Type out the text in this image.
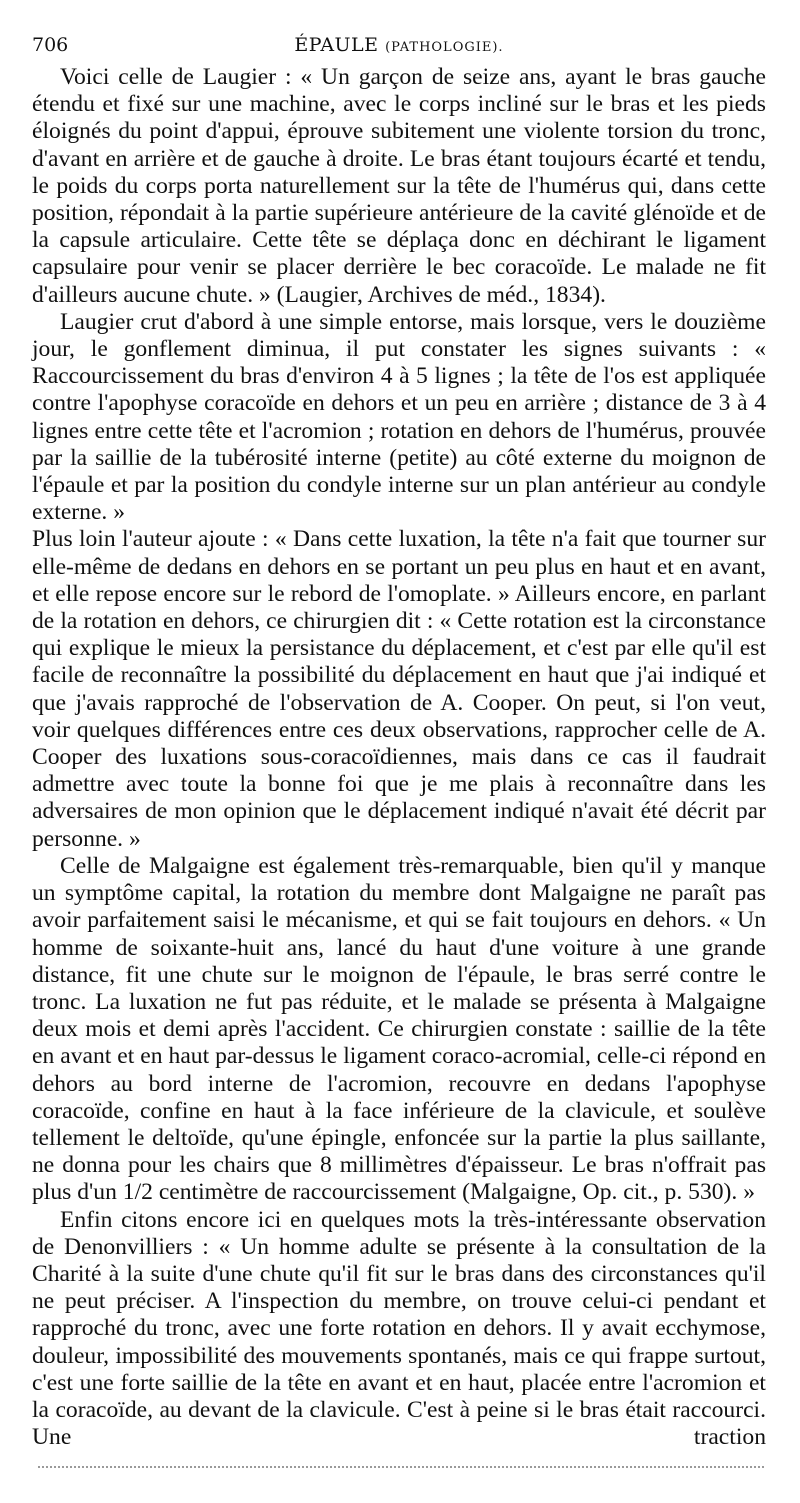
706	ÉPAULE (PATHOLOGIE).

Voici celle de Laugier : « Un garçon de seize ans, ayant le bras gauche étendu et fixé sur une machine, avec le corps incliné sur le bras et les pieds éloignés du point d'appui, éprouve subitement une violente torsion du tronc, d'avant en arrière et de gauche à droite. Le bras étant toujours écarté et tendu, le poids du corps porta naturellement sur la tête de l'humérus qui, dans cette position, répondait à la partie supérieure antérieure de la cavité glénoïde et de la capsule articulaire. Cette tête se déplaça donc en déchirant le ligament capsulaire pour venir se placer derrière le bec coracoïde. Le malade ne fit d'ailleurs aucune chute. » (Laugier, Archives de méd., 1834).

Laugier crut d'abord à une simple entorse, mais lorsque, vers le douzième jour, le gonflement diminua, il put constater les signes suivants : « Raccourcissement du bras d'environ 4 à 5 lignes ; la tête de l'os est appliquée contre l'apophyse coracoïde en dehors et un peu en arrière ; distance de 3 à 4 lignes entre cette tête et l'acromion ; rotation en dehors de l'humérus, prouvée par la saillie de la tubérosité interne (petite) au côté externe du moignon de l'épaule et par la position du condyle interne sur un plan antérieur au condyle externe. »

Plus loin l'auteur ajoute : « Dans cette luxation, la tête n'a fait que tourner sur elle-même de dedans en dehors en se portant un peu plus en haut et en avant, et elle repose encore sur le rebord de l'omoplate. » Ailleurs encore, en parlant de la rotation en dehors, ce chirurgien dit : « Cette rotation est la circonstance qui explique le mieux la persistance du déplacement, et c'est par elle qu'il est facile de reconnaître la possibilité du déplacement en haut que j'ai indiqué et que j'avais rapproché de l'observation de A. Cooper. On peut, si l'on veut, voir quelques différences entre ces deux observations, rapprocher celle de A. Cooper des luxations sous-coracoïdiennes, mais dans ce cas il faudrait admettre avec toute la bonne foi que je me plais à reconnaître dans les adversaires de mon opinion que le déplacement indiqué n'avait été décrit par personne. »

Celle de Malgaigne est également très-remarquable, bien qu'il y manque un symptôme capital, la rotation du membre dont Malgaigne ne paraît pas avoir parfaitement saisi le mécanisme, et qui se fait toujours en dehors. « Un homme de soixante-huit ans, lancé du haut d'une voiture à une grande distance, fit une chute sur le moignon de l'épaule, le bras serré contre le tronc. La luxation ne fut pas réduite, et le malade se présenta à Malgaigne deux mois et demi après l'accident. Ce chirurgien constate : saillie de la tête en avant et en haut par-dessus le ligament coraco-acromial, celle-ci répond en dehors au bord interne de l'acromion, recouvre en dedans l'apophyse coracoïde, confine en haut à la face inférieure de la clavicule, et soulève tellement le deltoïde, qu'une épingle, enfoncée sur la partie la plus saillante, ne donna pour les chairs que 8 millimètres d'épaisseur. Le bras n'offrait pas plus d'un 1/2 centimètre de raccourcissement (Malgaigne, Op. cit., p. 530). »

Enfin citons encore ici en quelques mots la très-intéressante observation de Denonvilliers : « Un homme adulte se présente à la consultation de la Charité à la suite d'une chute qu'il fit sur le bras dans des circonstances qu'il ne peut préciser. A l'inspection du membre, on trouve celui-ci pendant et rapproché du tronc, avec une forte rotation en dehors. Il y avait ecchymose, douleur, impossibilité des mouvements spontanés, mais ce qui frappe surtout, c'est une forte saillie de la tête en avant et en haut, placée entre l'acromion et la coracoïde, au devant de la clavicule. C'est à peine si le bras était raccourci. Une traction
